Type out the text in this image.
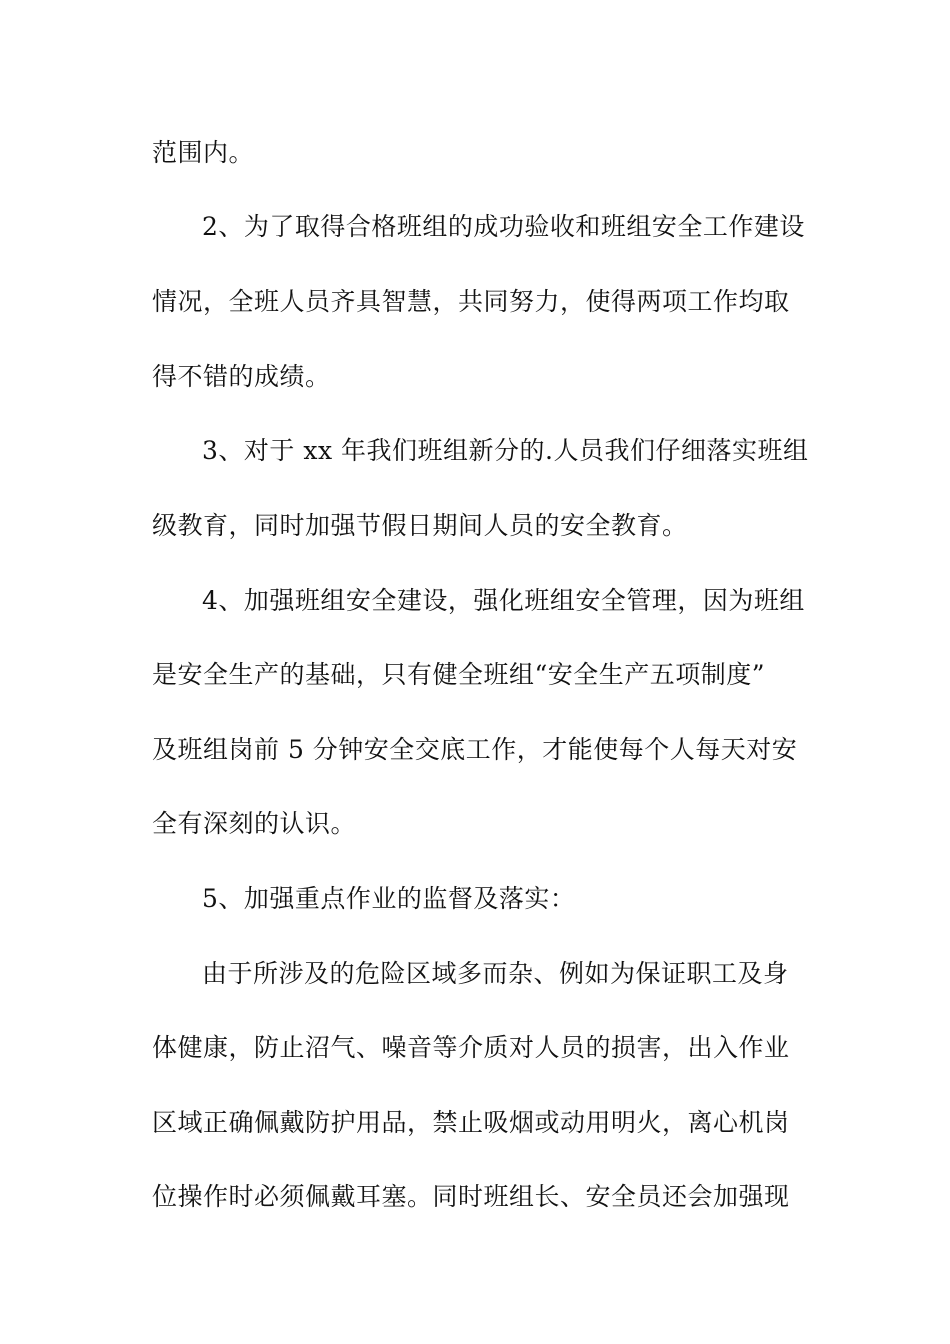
范围内。
2、为了取得合格班组的成功验收和班组安全工作建设
情况，全班人员齐具智慧，共同努力，使得两项工作均取
得不错的成绩。
3、对于 xx 年我们班组新分的.人员我们仔细落实班组
级教育，同时加强节假日期间人员的安全教育。
4、加强班组安全建设，强化班组安全管理，因为班组
是安全生产的基础，只有健全班组“安全生产五项制度”
及班组岗前 5 分钟安全交底工作，才能使每个人每天对安
全有深刻的认识。
5、加强重点作业的监督及落实：
由于所涉及的危险区域多而杂、例如为保证职工及身
体健康，防止沼气、噪音等介质对人员的损害，出入作业
区域正确佩戴防护用品，禁止吸烟或动用明火，离心机岗
位操作时必须佩戴耳塞。同时班组长、安全员还会加强现
